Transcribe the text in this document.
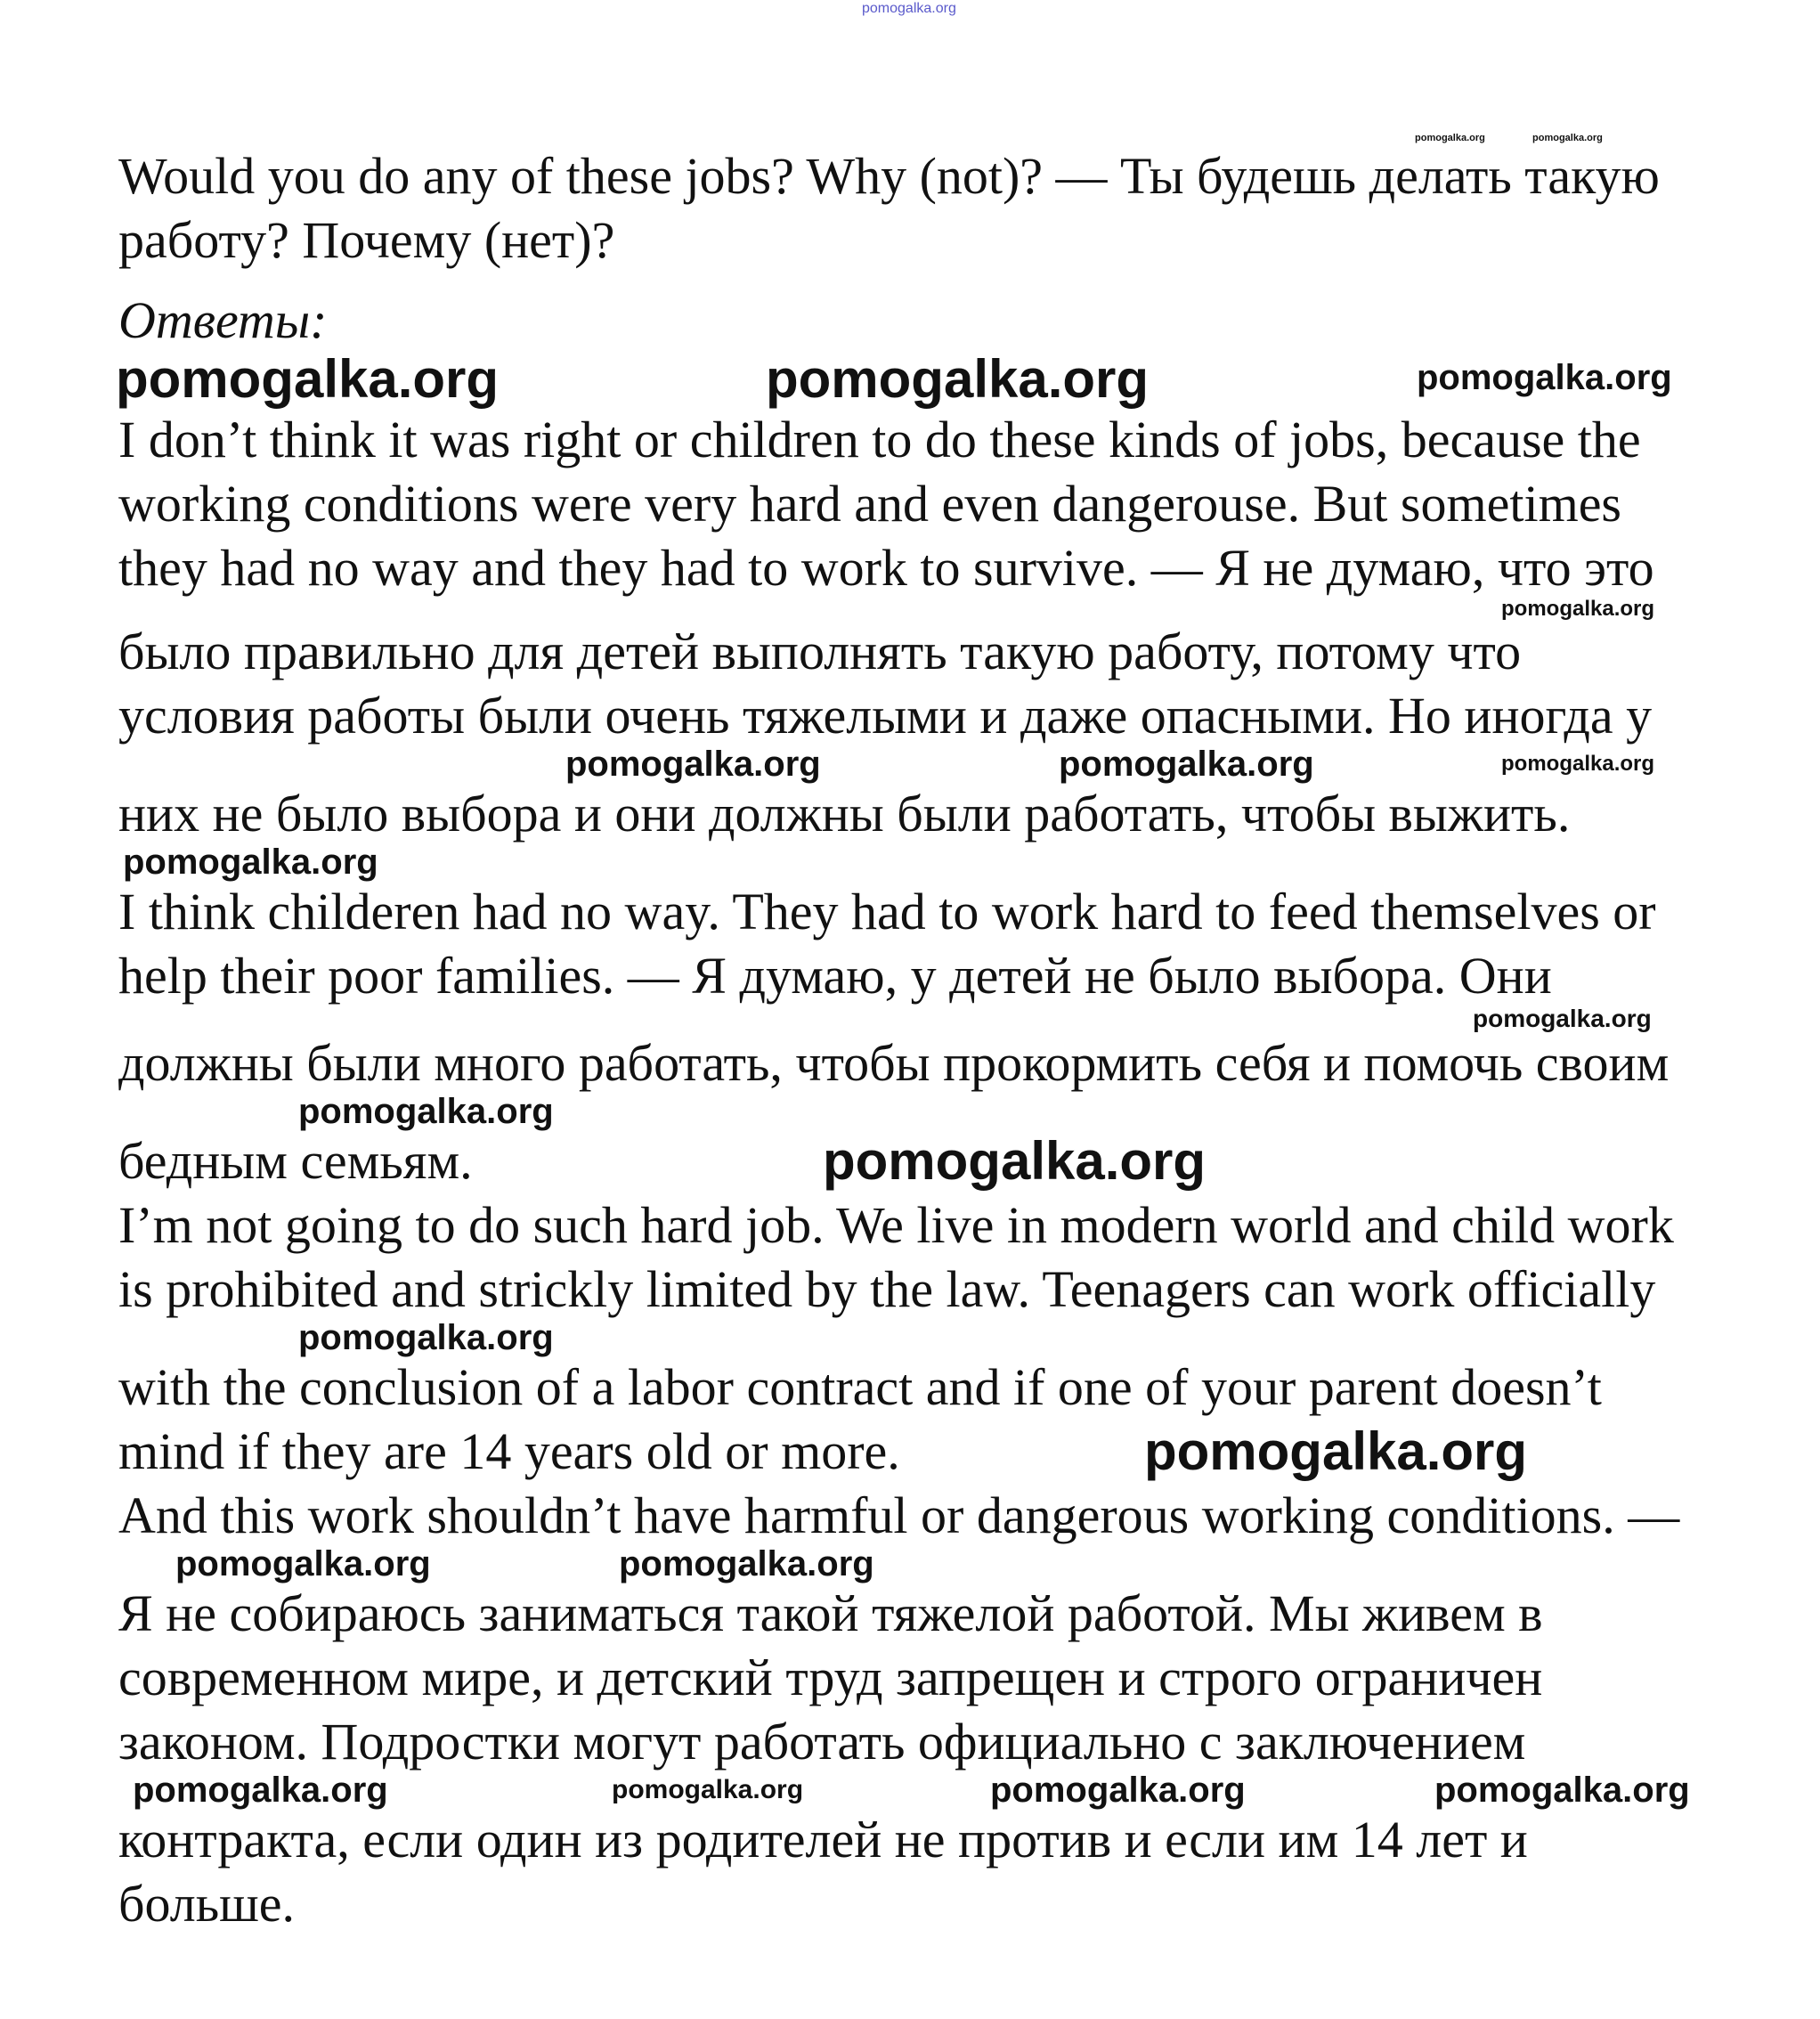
pomogalka.org
pomogalka.org	pomogalka.org
Would you do any of these jobs? Why (not)? — Ты будешь делать такую
работу? Почему (нет)?
Ответы:
pomogalka.org	pomogalka.org	pomogalka.org
I don’t think it was right or children to do these kinds of jobs, because the
working conditions were very hard and even dangerouse. But sometimes
they had no way and they had to work to survive. — Я не думаю, что это
pomogalka.org
было правильно для детей выполнять такую работу, потому что
условия работы были очень тяжелыми и даже опасными. Но иногда у
pomogalka.org	pomogalka.org	pomogalka.org
них не было выбора и они должны были работать, чтобы выжить.
pomogalka.org
I think childeren had no way. They had to work hard to feed themselves or
help their poor families. — Я думаю, у детей не было выбора. Они
pomogalka.org
должны были много работать, чтобы прокормить себя и помочь своим
pomogalka.org
бедным семьям.	pomogalka.org
I’m not going to do such hard job. We live in modern world and child work
is prohibited and strickly limited by the law. Teenagers can work officially
pomogalka.org
with the conclusion of a labor contract and if one of your parent doesn’t
mind if they are 14 years old or more.	pomogalka.org
And this work shouldn’t have harmful or dangerous working conditions. —
pomogalka.org	pomogalka.org
Я не собираюсь заниматься такой тяжелой работой. Мы живем в
современном мире, и детский труд запрещен и строго ограничен
законом. Подростки могут работать официально с заключением
pomogalka.org	pomogalka.org	pomogalka.org	pomogalka.org
контракта, если один из родителей не против и если им 14 лет и
больше.
